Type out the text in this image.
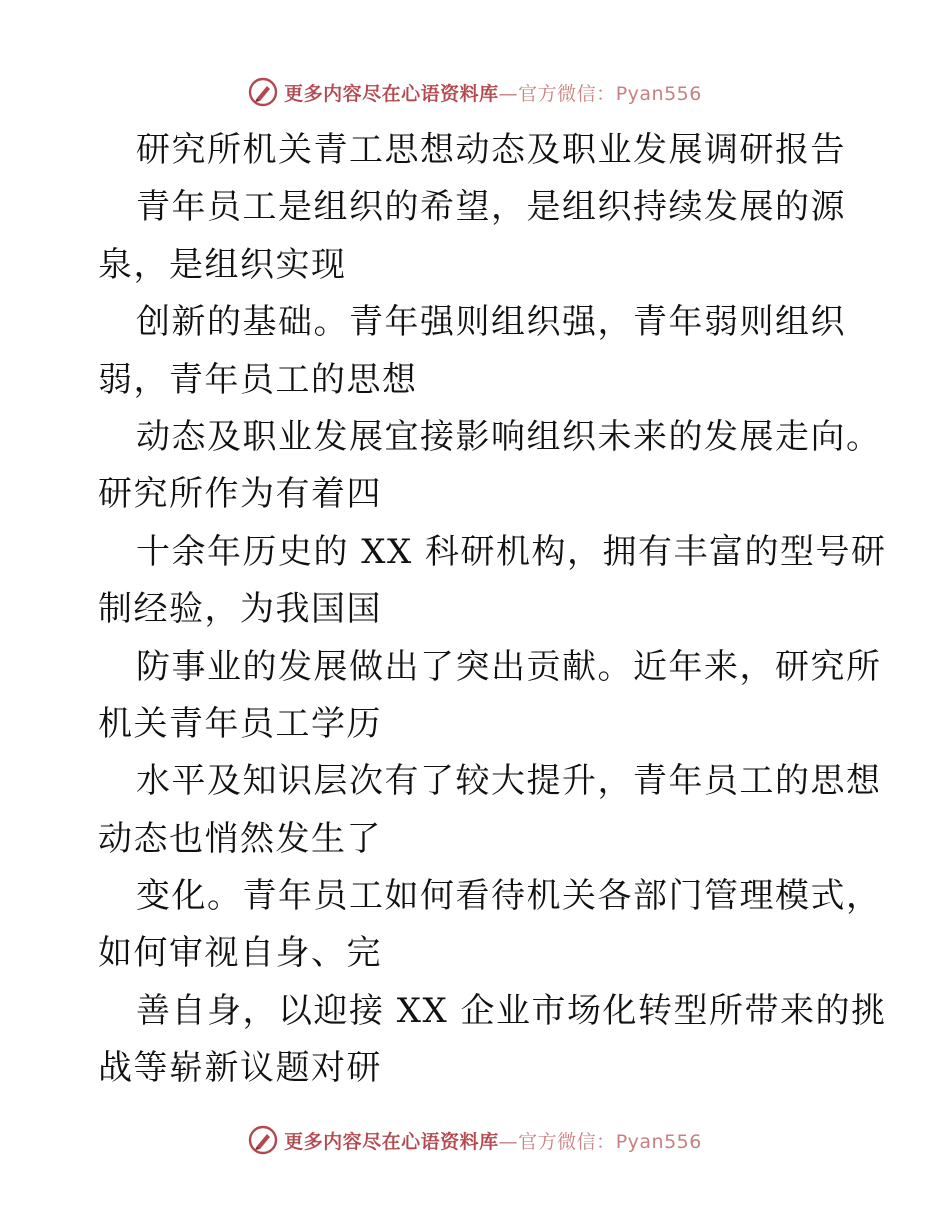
更多内容尽在心语资料库—官方微信：Pyan556
研究所机关青工思想动态及职业发展调研报告
青年员工是组织的希望，是组织持续发展的源
泉，是组织实现
创新的基础。青年强则组织强，青年弱则组织
弱，青年员工的思想
动态及职业发展宜接影响组织未来的发展走向。
研究所作为有着四
十余年历史的 XX 科研机构，拥有丰富的型号研
制经验，为我国国
防事业的发展做出了突出贡献。近年来，研究所
机关青年员工学历
水平及知识层次有了较大提升，青年员工的思想
动态也悄然发生了
变化。青年员工如何看待机关各部门管理模式，
如何审视自身、完
善自身，以迎接 XX 企业市场化转型所带来的挑
战等崭新议题对研
更多内容尽在心语资料库—官方微信：Pyan556
